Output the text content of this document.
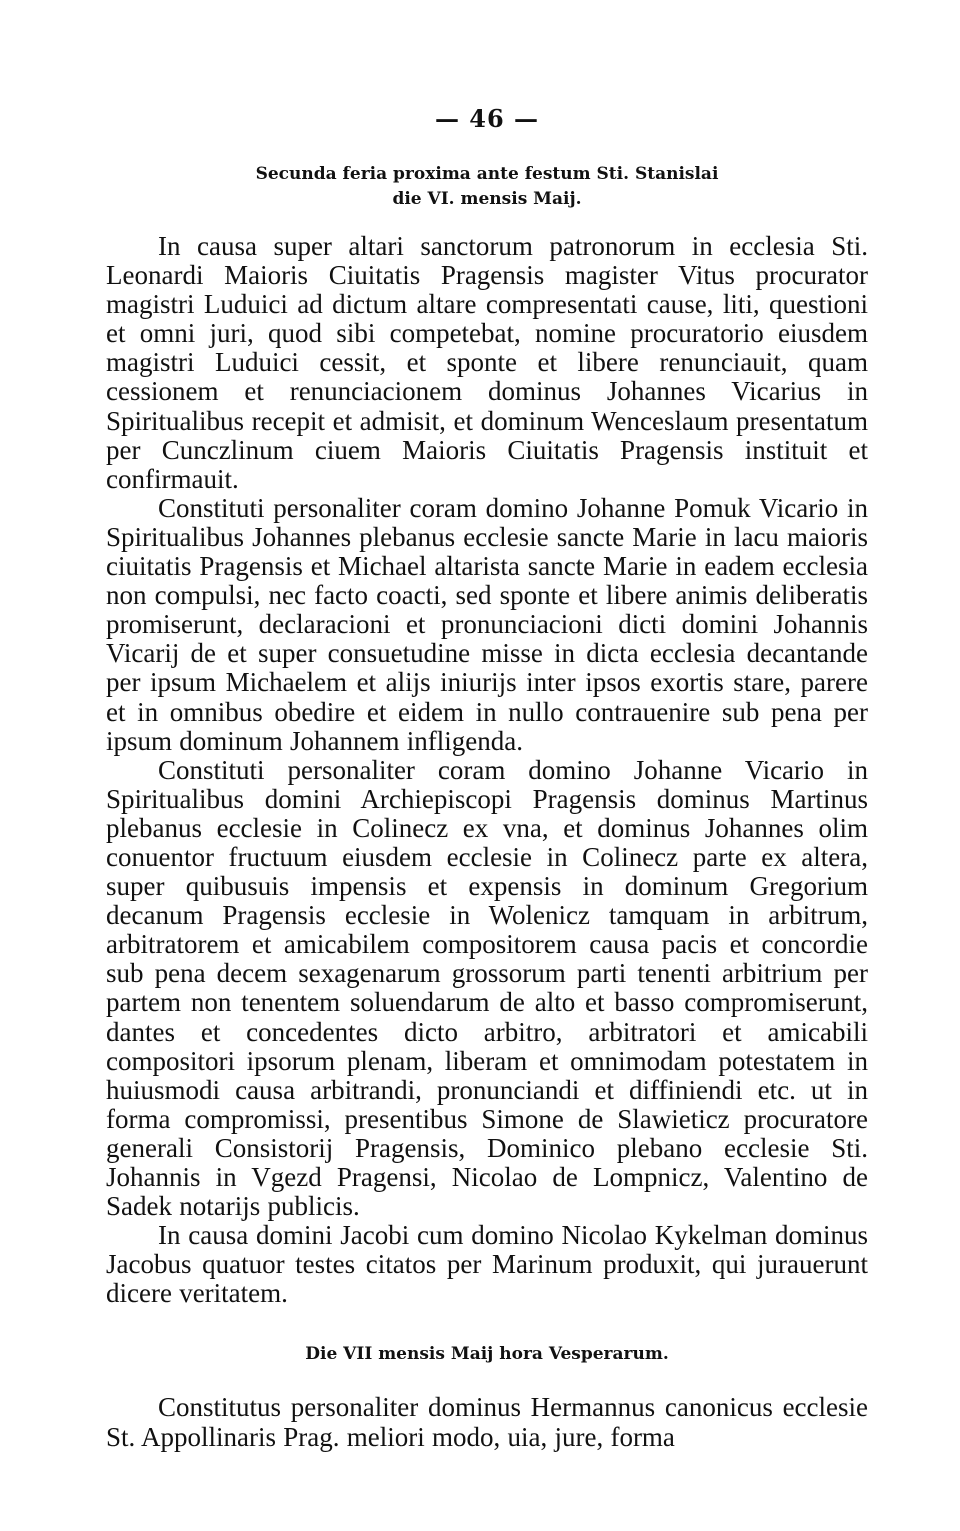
— 46 —
Secunda feria proxima ante festum Sti. Stanislai
die VI. mensis Maij.

In causa super altari sanctorum patronorum in ecclesia Sti. Leonardi Maioris Ciuitatis Pragensis magister Vitus procurator magistri Luduici ad dictum altare compresentati cause, liti, questioni et omni juri, quod sibi competebat, nomine procuratorio eiusdem magistri Luduici cessit, et sponte et libere renunciauit, quam cessionem et renunciacionem dominus Johannes Vicarius in Spiritualibus recepit et admisit, et dominum Wenceslaum presentatum per Cunczlinum ciuem Maioris Ciuitatis Pragensis instituit et confirmauit.

Constituti personaliter coram domino Johanne Pomuk Vicario in Spiritualibus Johannes plebanus ecclesie sancte Marie in lacu maioris ciuitatis Pragensis et Michael altarista sancte Marie in eadem ecclesia non compulsi, nec facto coacti, sed sponte et libere animis deliberatis promiserunt, declaracioni et pronunciacioni dicti domini Johannis Vicarij de et super consuetudine misse in dicta ecclesia decantande per ipsum Michaelem et alijs iniurijs inter ipsos exortis stare, parere et in omnibus obedire et eidem in nullo contrauenire sub pena per ipsum dominum Johannem infligenda.

Constituti personaliter coram domino Johanne Vicario in Spiritualibus domini Archiepiscopi Pragensis dominus Martinus plebanus ecclesie in Colinecz ex vna, et dominus Johannes olim conuentor fructuum eiusdem ecclesie in Colinecz parte ex altera, super quibusuis impensis et expensis in dominum Gregorium decanum Pragensis ecclesie in Wolenicz tamquam in arbitrum, arbitratorem et amicabilem compositorem causa pacis et concordie sub pena decem sexagenarum grossorum parti tenenti arbitrium per partem non tenentem soluendarum de alto et basso compromiserunt, dantes et concedentes dicto arbitro, arbitratori et amicabili compositori ipsorum plenam, liberam et omnimodam potestatem in huiusmodi causa arbitrandi, pronunciandi et diffiniendi etc. ut in forma compromissi, presentibus Simone de Slawieticz procuratore generali Consistorij Pragensis, Dominico plebano ecclesie Sti. Johannis in Vgezd Pragensi, Nicolao de Lompnicz, Valentino de Sadek notarijs publicis.

In causa domini Jacobi cum domino Nicolao Kykelman dominus Jacobus quatuor testes citatos per Marinum produxit, qui jurauerunt dicere veritatem.

Die VII mensis Maij hora Vesperarum.

Constitutus personaliter dominus Hermannus canonicus ecclesie St. Appollinaris Prag. meliori modo, uia, jure, forma
